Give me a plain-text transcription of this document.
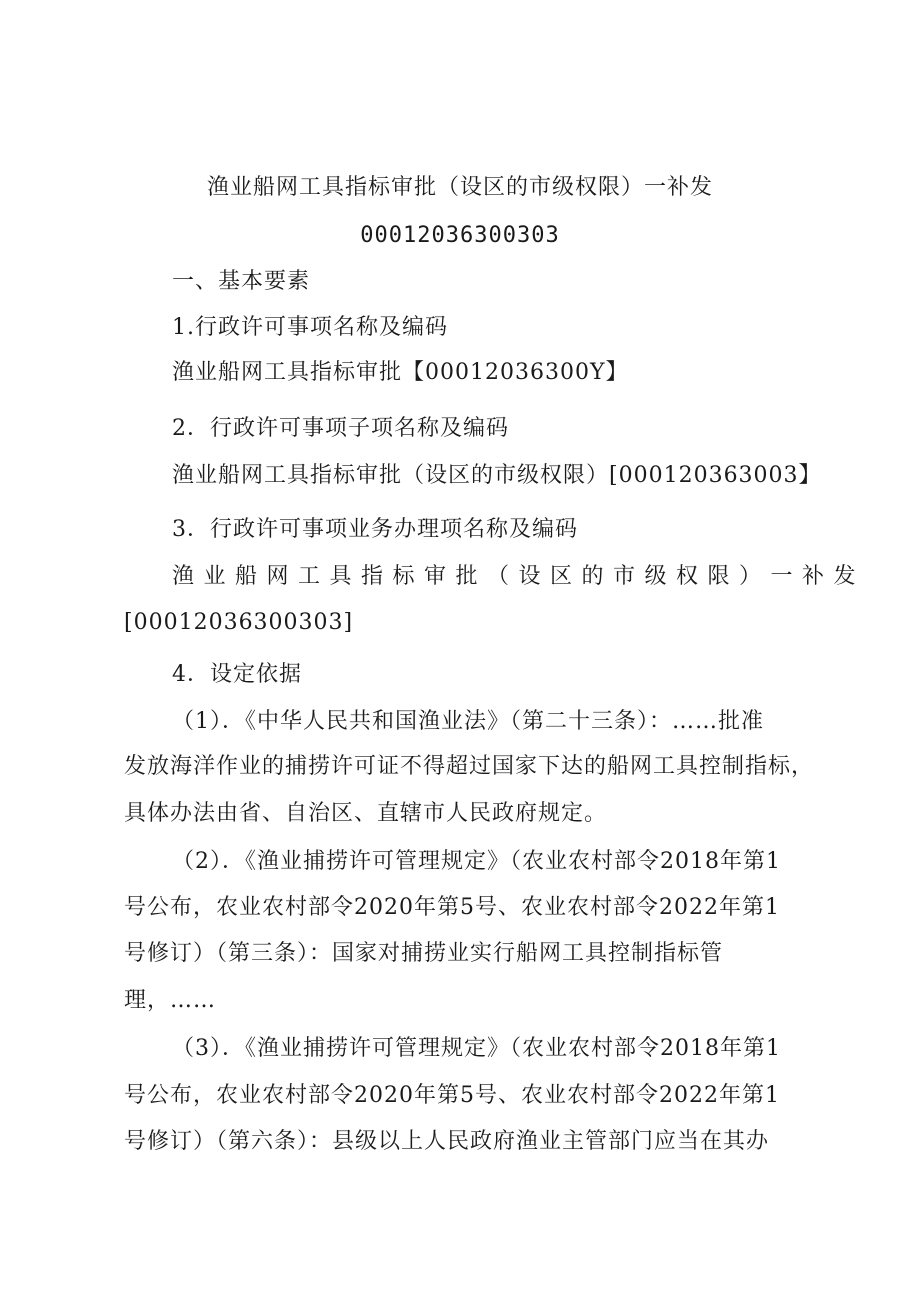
渔业船网工具指标审批（设区的市级权限）一补发
00012036300303
一、基本要素
1.行政许可事项名称及编码
渔业船网工具指标审批【00012036300Y】
2．行政许可事项子项名称及编码
渔业船网工具指标审批（设区的市级权限）[000120363003】
3．行政许可事项业务办理项名称及编码
渔业船网工具指标审批（设区的市级权限）一补发
[00012036300303]
4．设定依据
（1）．《中华人民共和国渔业法》（第二十三条）：……批准
发放海洋作业的捕捞许可证不得超过国家下达的船网工具控制指标，
具体办法由省、自治区、直辖市人民政府规定。
（2）．《渔业捕捞许可管理规定》（农业农村部令2018年第1
号公布，农业农村部令2020年第5号、农业农村部令2022年第1
号修订）（第三条）：国家对捕捞业实行船网工具控制指标管
理，……
（3）．《渔业捕捞许可管理规定》（农业农村部令2018年第1
号公布，农业农村部令2020年第5号、农业农村部令2022年第1
号修订）（第六条）：县级以上人民政府渔业主管部门应当在其办
